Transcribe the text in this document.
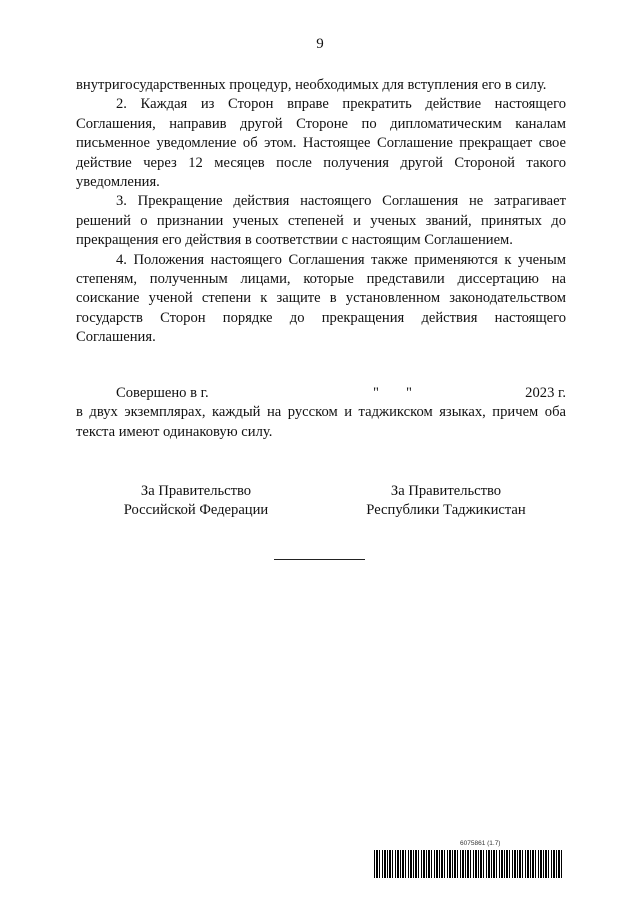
9

внутригосударственных процедур, необходимых для вступления его в силу.

2. Каждая из Сторон вправе прекратить действие настоящего Соглашения, направив другой Стороне по дипломатическим каналам письменное уведомление об этом. Настоящее Соглашение прекращает свое действие через 12 месяцев после получения другой Стороной такого уведомления.

3. Прекращение действия настоящего Соглашения не затрагивает решений о признании ученых степеней и ученых званий, принятых до прекращения его действия в соответствии с настоящим Соглашением.

4. Положения настоящего Соглашения также применяются к ученым степеням, полученным лицами, которые представили диссертацию на соискание ученой степени к защите в установленном законодательством государств Сторон порядке до прекращения действия настоящего Соглашения.

Совершено в г.	" "	2023 г.

в двух экземплярах, каждый на русском и таджикском языках, причем оба текста имеют одинаковую силу.

За Правительство
Российской Федерации
За Правительство
Республики Таджикистан
6075861 (1.7)
